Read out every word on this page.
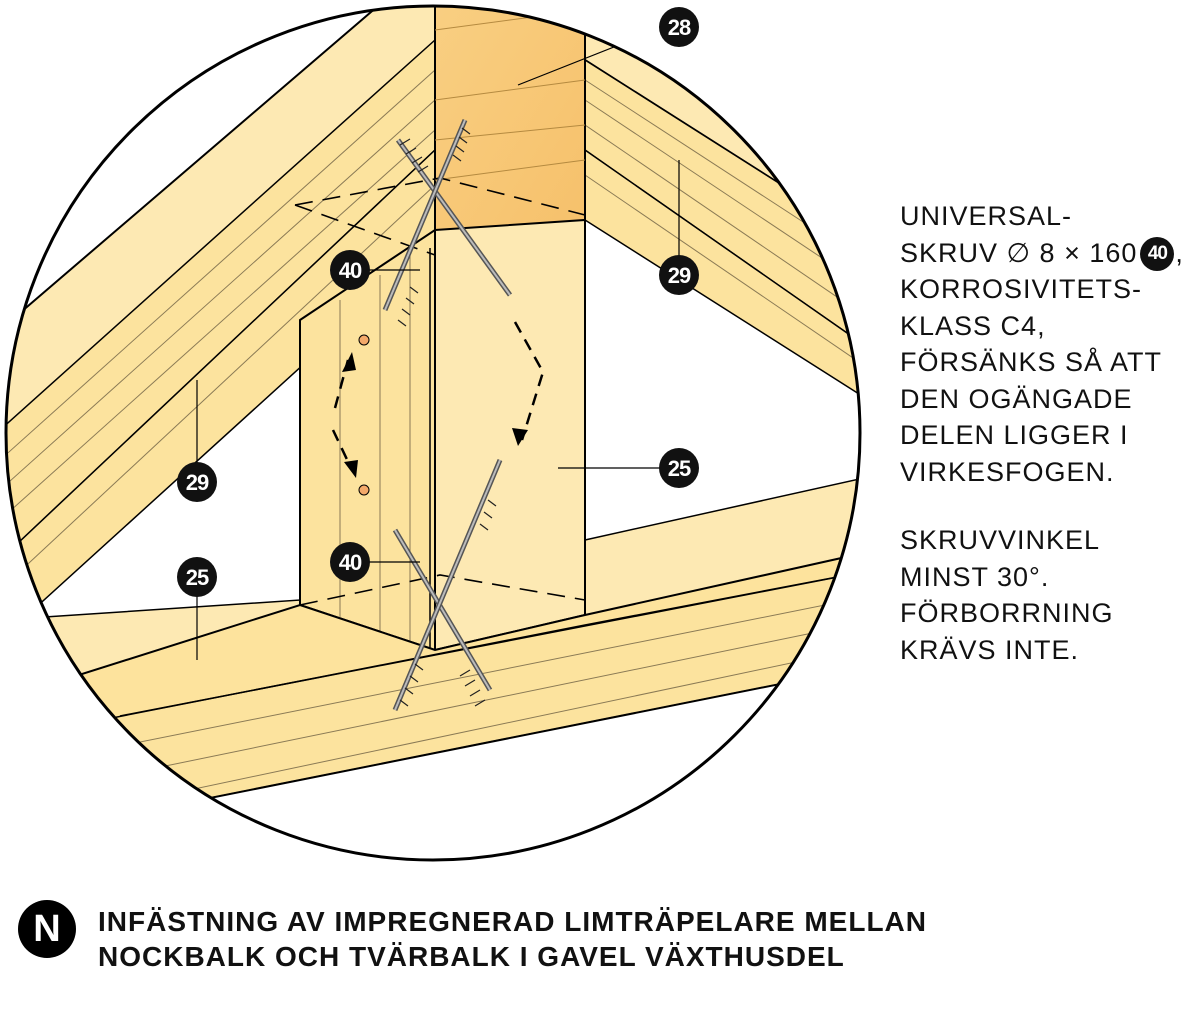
28
29
29
25
25
40
40
UNIVERSAL-
SKRUV ∅ 8 × 160 40 ,
KORROSIVITETS-
KLASS C4,
FÖRSÄNKS SÅ ATT
DEN OGÄNGADE
DELEN LIGGER I
VIRKESFOGEN.
SKRUVVINKEL
MINST 30°.
FÖRBORRNING
KRÄVS INTE.
N	INFÄSTNING AV IMPREGNERAD LIMTRÄPELARE MELLAN
NOCKBALK OCH TVÄRBALK I GAVEL VÄXTHUSDEL
